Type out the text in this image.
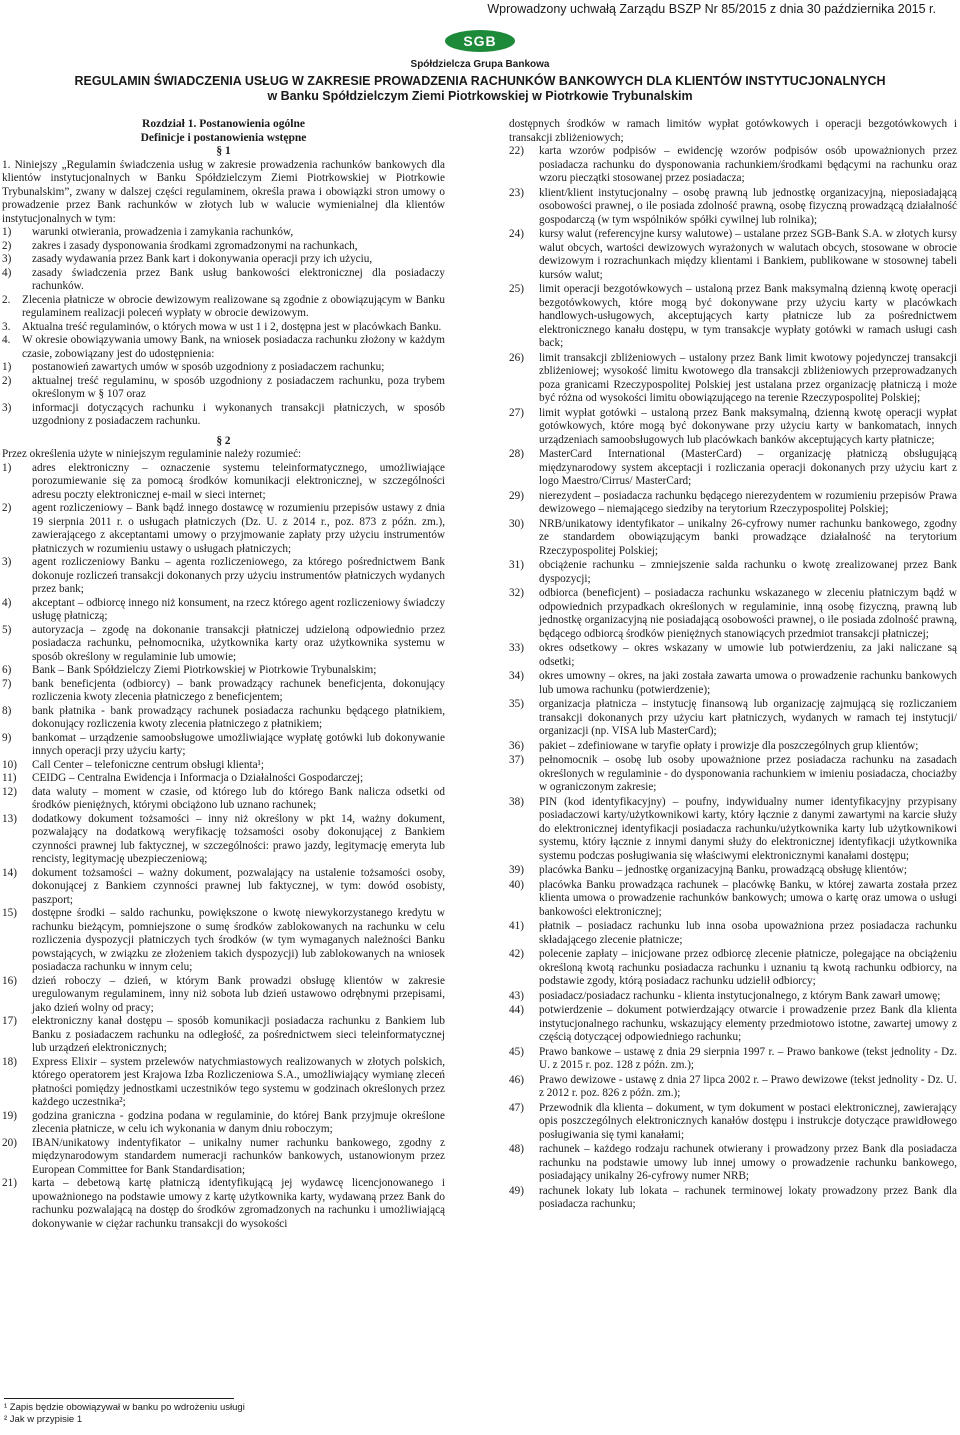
Wprowadzony uchwałą Zarządu BSZP Nr 85/2015 z dnia 30 października 2015 r.
SGB
Spółdzielcza Grupa Bankowa
REGULAMIN ŚWIADCZENIA USŁUG W ZAKRESIE PROWADZENIA RACHUNKÓW BANKOWYCH DLA KLIENTÓW INSTYTUCJONALNYCH
w Banku Spółdzielczym Ziemi Piotrkowskiej w Piotrkowie Trybunalskim
Rozdział 1. Postanowienia ogólne
Definicje i postanowienia wstępne
§ 1

1. Niniejszy „Regulamin świadczenia usług w zakresie prowadzenia rachunków bankowych dla klientów instytucjonalnych w Banku Spółdzielczym Ziemi Piotrkowskiej w Piotrkowie Trybunalskim”, zwany w dalszej części regulaminem, określa prawa i obowiązki stron umowy o prowadzenie przez Bank rachunków w złotych lub w walucie wymienialnej dla klientów instytucjonalnych w tym:

1) warunki otwierania, prowadzenia i zamykania rachunków,
2) zakres i zasady dysponowania środkami zgromadzonymi na rachunkach,
3) zasady wydawania przez Bank kart i dokonywania operacji przy ich użyciu,
4) zasady świadczenia przez Bank usług bankowości elektronicznej dla posiadaczy rachunków.
2. Zlecenia płatnicze w obrocie dewizowym realizowane są zgodnie z obowiązującym w Banku regulaminem realizacji poleceń wypłaty w obrocie dewizowym.
3. Aktualna treść regulaminów, o których mowa w ust 1 i 2, dostępna jest w placówkach Banku.
4. W okresie obowiązywania umowy Bank, na wniosek posiadacza rachunku złożony w każdym czasie, zobowiązany jest do udostępnienia:
1) postanowień zawartych umów w sposób uzgodniony z posiadaczem rachunku;
2) aktualnej treść regulaminu, w sposób uzgodniony z posiadaczem rachunku, poza trybem określonym w § 107 oraz
3) informacji dotyczących rachunku i wykonanych transakcji płatniczych, w sposób uzgodniony z posiadaczem rachunku.
§ 2

Przez określenia użyte w niniejszym regulaminie należy rozumieć:

1) adres elektroniczny – oznaczenie systemu teleinformatycznego, umożliwiające porozumiewanie się za pomocą środków komunikacji elektronicznej, w szczególności adresu poczty elektronicznej e-mail w sieci internet;
2) agent rozliczeniowy – Bank bądź innego dostawcę w rozumieniu przepisów ustawy z dnia 19 sierpnia 2011 r. o usługach płatniczych (Dz. U. z 2014 r., poz. 873 z późn. zm.), zawierającego z akceptantami umowy o przyjmowanie zapłaty przy użyciu instrumentów płatniczych w rozumieniu ustawy o usługach płatniczych;
3) agent rozliczeniowy Banku – agenta rozliczeniowego, za którego pośrednictwem Bank dokonuje rozliczeń transakcji dokonanych przy użyciu instrumentów płatniczych wydanych przez bank;
4) akceptant – odbiorcę innego niż konsument, na rzecz którego agent rozliczeniowy świadczy usługę płatniczą;
5) autoryzacja – zgodę na dokonanie transakcji płatniczej udzieloną odpowiednio przez posiadacza rachunku, pełnomocnika, użytkownika karty oraz użytkownika systemu w sposób określony w regulaminie lub umowie;
6) Bank – Bank Spółdzielczy Ziemi Piotrkowskiej w Piotrkowie Trybunalskim;
7) bank beneficjenta (odbiorcy) – bank prowadzący rachunek beneficjenta, dokonujący rozliczenia kwoty zlecenia płatniczego z beneficjentem;
8) bank płatnika - bank prowadzący rachunek posiadacza rachunku będącego płatnikiem, dokonujący rozliczenia kwoty zlecenia płatniczego z płatnikiem;
9) bankomat – urządzenie samoobsługowe umożliwiające wypłatę gotówki lub dokonywanie innych operacji przy użyciu karty;
10) Call Center – telefoniczne centrum obsługi klienta¹;
11) CEIDG – Centralna Ewidencja i Informacja o Działalności Gospodarczej;
12) data waluty – moment w czasie, od którego lub do którego Bank nalicza odsetki od środków pieniężnych, którymi obciążono lub uznano rachunek;
13) dodatkowy dokument tożsamości – inny niż określony w pkt 14, ważny dokument, pozwalający na dodatkową weryfikację tożsamości osoby dokonującej z Bankiem czynności prawnej lub faktycznej, w szczególności: prawo jazdy, legitymację emeryta lub rencisty, legitymację ubezpieczeniową;
14) dokument tożsamości – ważny dokument, pozwalający na ustalenie tożsamości osoby, dokonującej z Bankiem czynności prawnej lub faktycznej, w tym: dowód osobisty, paszport;
15) dostępne środki – saldo rachunku, powiększone o kwotę niewykorzystanego kredytu w rachunku bieżącym, pomniejszone o sumę środków zablokowanych na rachunku w celu rozliczenia dyspozycji płatniczych tych środków (w tym wymaganych należności Banku powstających, w związku ze złożeniem takich dyspozycji) lub zablokowanych na wniosek posiadacza rachunku w innym celu;
16) dzień roboczy – dzień, w którym Bank prowadzi obsługę klientów w zakresie uregulowanym regulaminem, inny niż sobota lub dzień ustawowo odrębnymi przepisami, jako dzień wolny od pracy;
17) elektroniczny kanał dostępu – sposób komunikacji posiadacza rachunku z Bankiem lub Banku z posiadaczem rachunku na odległość, za pośrednictwem sieci teleinformatycznej lub urządzeń elektronicznych;
18) Express Elixir – system przelewów natychmiastowych realizowanych w złotych polskich, którego operatorem jest Krajowa Izba Rozliczeniowa S.A., umożliwiający wymianę zleceń płatności pomiędzy jednostkami uczestników tego systemu w godzinach określonych przez każdego uczestnika²;
19) godzina graniczna - godzina podana w regulaminie, do której Bank przyjmuje określone zlecenia płatnicze, w celu ich wykonania w danym dniu roboczym;
20) IBAN/unikatowy indentyfikator – unikalny numer rachunku bankowego, zgodny z międzynarodowym standardem numeracji rachunków bankowych, ustanowionym przez European Committee for Bank Standardisation;
21) karta – debetową kartę płatniczą identyfikującą jej wydawcę licencjonowanego i upoważnionego na podstawie umowy z kartę użytkownika karty, wydawaną przez Bank do rachunku pozwalającą na dostęp do środków zgromadzonych na rachunku i umożliwiającą dokonywanie w ciężar rachunku transakcji do wysokości

dostępnych środków w ramach limitów wypłat gotówkowych i operacji bezgotówkowych i transakcji zbliżeniowych;

22) karta wzorów podpisów – ewidencję wzorów podpisów osób upoważnionych przez posiadacza rachunku do dysponowania rachunkiem/środkami będącymi na rachunku oraz wzoru pieczątki stosowanej przez posiadacza;
23) klient/klient instytucjonalny – osobę prawną lub jednostkę organizacyjną, nieposiadającą osobowości prawnej, o ile posiada zdolność prawną, osobę fizyczną prowadzącą działalność gospodarczą (w tym wspólników spółki cywilnej lub rolnika);
24) kursy walut (referencyjne kursy walutowe) – ustalane przez SGB-Bank S.A. w złotych kursy walut obcych, wartości dewizowych wyrażonych w walutach obcych, stosowane w obrocie dewizowym i rozrachunkach między klientami i Bankiem, publikowane w stosownej tabeli kursów walut;
25) limit operacji bezgotówkowych – ustaloną przez Bank maksymalną dzienną kwotę operacji bezgotówkowych, które mogą być dokonywane przy użyciu karty w placówkach handlowych-usługowych, akceptujących karty płatnicze lub za pośrednictwem elektronicznego kanału dostępu, w tym transakcje wypłaty gotówki w ramach usługi cash back;
26) limit transakcji zbliżeniowych – ustalony przez Bank limit kwotowy pojedynczej transakcji zbliżeniowej; wysokość limitu kwotowego dla transakcji zbliżeniowych przeprowadzanych poza granicami Rzeczypospolitej Polskiej jest ustalana przez organizację płatniczą i może być różna od wysokości limitu obowiązującego na terenie Rzeczypospolitej Polskiej;
27) limit wypłat gotówki – ustaloną przez Bank maksymalną, dzienną kwotę operacji wypłat gotówkowych, które mogą być dokonywane przy użyciu karty w bankomatach, innych urządzeniach samoobsługowych lub placówkach banków akceptujących karty płatnicze;
28) MasterCard International (MasterCard) – organizację płatniczą obsługującą międzynarodowy system akceptacji i rozliczania operacji dokonanych przy użyciu kart z logo Maestro/Cirrus/ MasterCard;
29) nierezydent – posiadacza rachunku będącego nierezydentem w rozumieniu przepisów Prawa dewizowego – niemającego siedziby na terytorium Rzeczypospolitej Polskiej;
30) NRB/unikatowy identyfikator – unikalny 26-cyfrowy numer rachunku bankowego, zgodny ze standardem obowiązującym banki prowadzące działalność na terytorium Rzeczypospolitej Polskiej;
31) obciążenie rachunku – zmniejszenie salda rachunku o kwotę zrealizowanej przez Bank dyspozycji;
32) odbiorca (beneficjent) – posiadacza rachunku wskazanego w zleceniu płatniczym bądź w odpowiednich przypadkach określonych w regulaminie, inną osobę fizyczną, prawną lub jednostkę organizacyjną nie posiadającą osobowości prawnej, o ile posiada zdolność prawną, będącego odbiorcą środków pieniężnych stanowiących przedmiot transakcji płatniczej;
33) okres odsetkowy – okres wskazany w umowie lub potwierdzeniu, za jaki naliczane są odsetki;
34) okres umowny – okres, na jaki została zawarta umowa o prowadzenie rachunku bankowych lub umowa rachunku (potwierdzenie);
35) organizacja płatnicza – instytucję finansową lub organizację zajmującą się rozliczaniem transakcji dokonanych przy użyciu kart płatniczych, wydanych w ramach tej instytucji/ organizacji (np. VISA lub MasterCard);
36) pakiet – zdefiniowane w taryfie opłaty i prowizje dla poszczególnych grup klientów;
37) pełnomocnik – osobę lub osoby upoważnione przez posiadacza rachunku na zasadach określonych w regulaminie - do dysponowania rachunkiem w imieniu posiadacza, chociażby w ograniczonym zakresie;
38) PIN (kod identyfikacyjny) – poufny, indywidualny numer identyfikacyjny przypisany posiadaczowi karty/użytkownikowi karty, który łącznie z danymi zawartymi na karcie służy do elektronicznej identyfikacji posiadacza rachunku/użytkownika karty lub użytkownikowi systemu, który łącznie z innymi danymi służy do elektronicznej identyfikacji użytkownika systemu podczas posługiwania się właściwymi elektronicznymi kanałami dostępu;
39) placówka Banku – jednostkę organizacyjną Banku, prowadzącą obsługę klientów;
40) placówka Banku prowadząca rachunek – placówkę Banku, w której zawarta została przez klienta umowa o prowadzenie rachunków bankowych; umowa o kartę oraz umowa o usługi bankowości elektronicznej;
41) płatnik – posiadacz rachunku lub inna osoba upoważniona przez posiadacza rachunku składającego zlecenie płatnicze;
42) polecenie zapłaty – inicjowane przez odbiorcę zlecenie płatnicze, polegające na obciążeniu określoną kwotą rachunku posiadacza rachunku i uznaniu tą kwotą rachunku odbiorcy, na podstawie zgody, którą posiadacz rachunku udzielił odbiorcy;
43) posiadacz/posiadacz rachunku - klienta instytucjonalnego, z którym Bank zawarł umowę;
44) potwierdzenie – dokument potwierdzający otwarcie i prowadzenie przez Bank dla klienta instytucjonalnego rachunku, wskazujący elementy przedmiotowo istotne, zawartej umowy z częścią dotyczącej odpowiedniego rachunku;
45) Prawo bankowe – ustawę z dnia 29 sierpnia 1997 r. – Prawo bankowe (tekst jednolity - Dz. U. z 2015 r. poz. 128 z późn. zm.);
46) Prawo dewizowe - ustawę z dnia 27 lipca 2002 r. – Prawo dewizowe (tekst jednolity - Dz. U. z 2012 r. poz. 826 z późn. zm.);
47) Przewodnik dla klienta – dokument, w tym dokument w postaci elektronicznej, zawierający opis poszczególnych elektronicznych kanałów dostępu i instrukcje dotyczące prawidłowego posługiwania się tymi kanałami;
48) rachunek – każdego rodzaju rachunek otwierany i prowadzony przez Bank dla posiadacza rachunku na podstawie umowy lub innej umowy o prowadzenie rachunku bankowego, posiadający unikalny 26-cyfrowy numer NRB;
49) rachunek lokaty lub lokata – rachunek terminowej lokaty prowadzony przez Bank dla posiadacza rachunku;
¹ Zapis będzie obowiązywał w banku po wdrożeniu usługi
² Jak w przypisie 1
